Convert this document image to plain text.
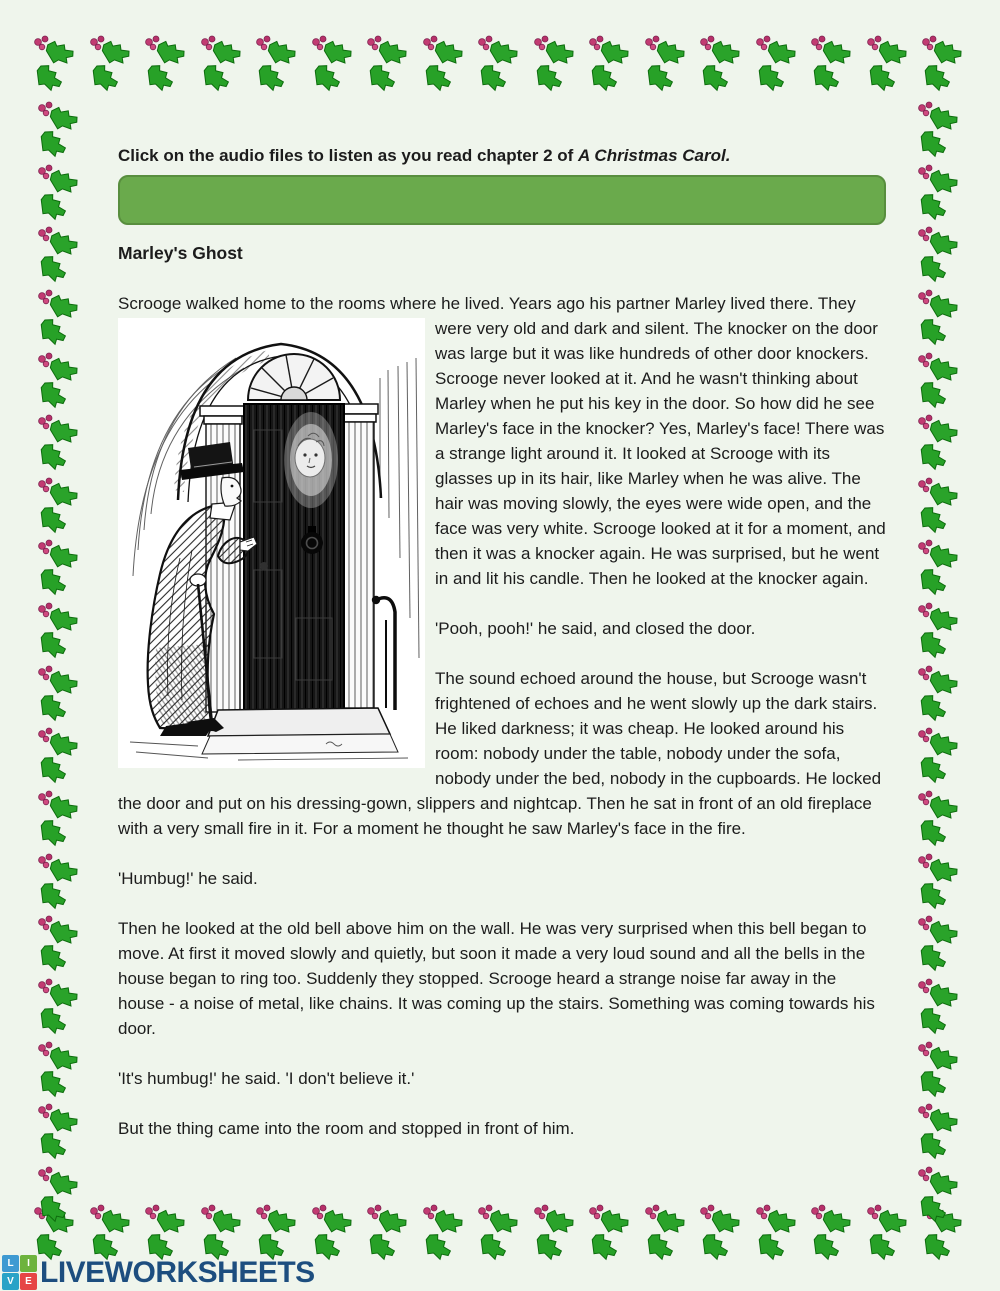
Click on the audio files to listen as you read chapter 2 of A Christmas Carol.

Marley's Ghost

Scrooge walked home to the rooms where he lived. Years ago his partner Marley lived there. They

were very old and dark and silent. The knocker on the door was large but it was like hundreds of other door knockers. Scrooge never looked at it. And he wasn't thinking about Marley when he put his key in the door. So how did he see Marley's face in the knocker? Yes, Marley's face! There was a strange light around it. It looked at Scrooge with its glasses up in its hair, like Marley when he was alive. The hair was moving slowly, the eyes were wide open, and the face was very white. Scrooge looked at it for a moment, and then it was a knocker again. He was surprised, but he went in and lit his candle. Then he looked at the knocker again.

'Pooh, pooh!' he said, and closed the door.

The sound echoed around the house, but Scrooge wasn't frightened of echoes and he went slowly up the dark stairs. He liked darkness; it was cheap. He looked around his room: nobody under the table, nobody under the sofa, nobody under the bed, nobody in the cupboards. He locked the door and put on his dressing-gown, slippers and nightcap. Then he sat in front of an old fireplace with a very small fire in it. For a moment he thought he saw Marley's face in the fire.

'Humbug!' he said.

Then he looked at the old bell above him on the wall. He was very surprised when this bell began to move. At first it moved slowly and quietly, but soon it made a very loud sound and all the bells in the house began to ring too. Suddenly they stopped. Scrooge heard a strange noise far away in the house - a noise of metal, like chains. It was coming up the stairs. Something was coming towards his door.

'It's humbug!' he said. 'I don't believe it.'

But the thing came into the room and stopped in front of him.

L	I
V	E LIVEWORKSHEETS
